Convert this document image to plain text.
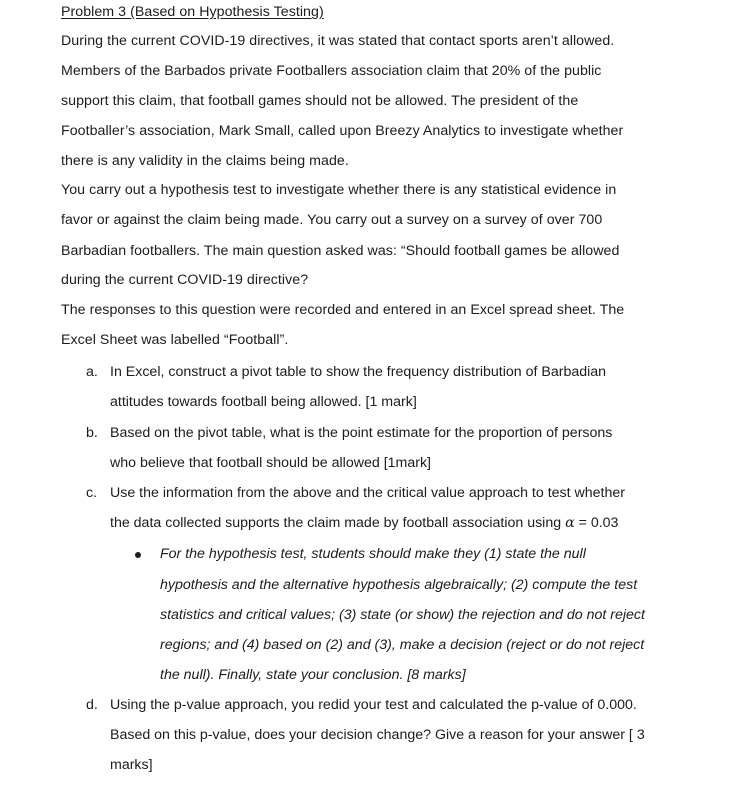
Problem 3 (Based on Hypothesis Testing)
During the current COVID-19 directives, it was stated that contact sports aren’t allowed.
Members of the Barbados private Footballers association claim that 20% of the public
support this claim, that football games should not be allowed. The president of the
Footballer’s association, Mark Small, called upon Breezy Analytics to investigate whether
there is any validity in the claims being made.
You carry out a hypothesis test to investigate whether there is any statistical evidence in
favor or against the claim being made. You carry out a survey on a survey of over 700
Barbadian footballers. The main question asked was: “Should football games be allowed
during the current COVID-19 directive?
The responses to this question were recorded and entered in an Excel spread sheet. The
Excel Sheet was labelled “Football”.
a. In Excel, construct a pivot table to show the frequency distribution of Barbadian
attitudes towards football being allowed. [1 mark]
b. Based on the pivot table, what is the point estimate for the proportion of persons
who believe that football should be allowed [1mark]
c. Use the information from the above and the critical value approach to test whether
the data collected supports the claim made by football association using α = 0.03
For the hypothesis test, students should make they (1) state the null
hypothesis and the alternative hypothesis algebraically; (2) compute the test
statistics and critical values; (3) state (or show) the rejection and do not reject
regions; and (4) based on (2) and (3), make a decision (reject or do not reject
the null). Finally, state your conclusion. [8 marks]
d. Using the p-value approach, you redid your test and calculated the p-value of 0.000.
Based on this p-value, does your decision change? Give a reason for your answer [ 3
marks]
